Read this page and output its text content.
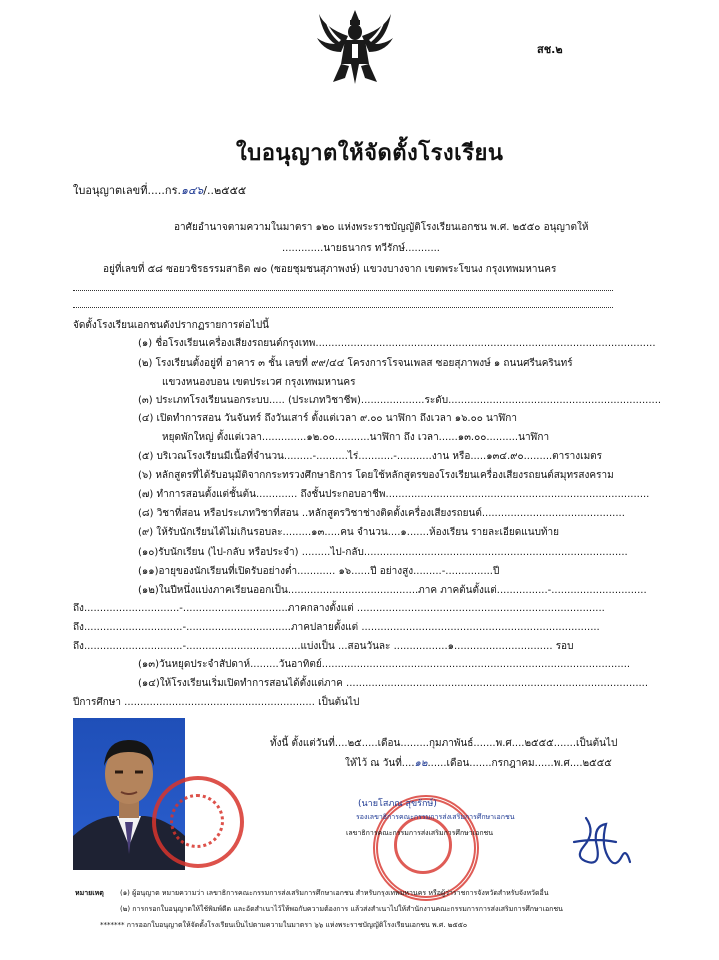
สช.๒
ใบอนุญาตให้จัดตั้งโรงเรียน
ใบอนุญาตเลขที่.....กร.๑๔๖/..๒๕๕๕
อาศัยอำนาจตามความในมาตรา ๑๒๐ แห่งพระราชบัญญัติโรงเรียนเอกชน พ.ศ. ๒๕๕๐ อนุญาตให้
.............นายธนากร ทวีรักษ์...........
อยู่ที่เลขที่ ๕๘ ซอยวชิรธรรมสาธิต ๗๐ (ซอยชุมชนสุภาพงษ์) แขวงบางจาก เขตพระโขนง กรุงเทพมหานคร
จัดตั้งโรงเรียนเอกชนดังปรากฏรายการต่อไปนี้
(๑) ชื่อโรงเรียนเครื่องเสียงรถยนต์กรุงเทพ...........................................................................................................
(๒) โรงเรียนตั้งอยู่ที่ อาคาร ๓ ชั้น เลขที่ ๙๙/๔๔ โครงการโรจนเพลส ซอยสุภาพงษ์ ๑ ถนนศรีนครินทร์
แขวงหนองบอน เขตประเวศ กรุงเทพมหานคร
(๓) ประเภทโรงเรียนนอกระบบ..... (ประเภทวิชาชีพ)....................ระดับ...................................................................
(๔) เปิดทำการสอน วันจันทร์ ถึงวันเสาร์ ตั้งแต่เวลา ๙.๐๐ นาฬิกา ถึงเวลา ๑๖.๐๐ นาฬิกา
หยุดพักใหญ่ ตั้งแต่เวลา..............๑๒.๐๐...........นาฬิกา ถึง เวลา......๑๓.๐๐..........นาฬิกา
(๕) บริเวณโรงเรียนมีเนื้อที่จำนวน.........-..........ไร่...........-...........งาน หรือ.....๑๓๔.๙๐.........ตารางเมตร
(๖) หลักสูตรที่ได้รับอนุมัติจากกระทรวงศึกษาธิการ โดยใช้หลักสูตรของโรงเรียนเครื่องเสียงรถยนต์สมุทรสงคราม
(๗) ทำการสอนตั้งแต่ชั้นต้น............. ถึงชั้นประกอบอาชีพ...................................................................................
(๘) วิชาที่สอน หรือประเภทวิชาที่สอน ..หลักสูตรวิชาช่างติดตั้งเครื่องเสียงรถยนต์.............................................
(๙) ให้รับนักเรียนได้ไม่เกินรอบละ.........๑๓.....คน จำนวน....๑.......ห้องเรียน รายละเอียดแนบท้าย
(๑๐)รับนักเรียน (ไป-กลับ หรือประจำ) .........ไป-กลับ...................................................................................
(๑๑)อายุของนักเรียนที่เปิดรับอย่างต่ำ............ ๑๖......ปี อย่างสูง.........-...............ปี
(๑๒)ในปีหนึ่งแบ่งภาคเรียนออกเป็น.........................................ภาค ภาคต้นตั้งแต่................-..............................
ถึง..............................-.................................ภาคกลางตั้งแต่ ..............................................................................
ถึง...............................-.................................ภาคปลายตั้งแต่ ...........................................................................
ถึง...............................-....................................แบ่งเป็น ...สอนวันละ .................๑............................... รอบ
(๑๓)วันหยุดประจำสัปดาห์.........วันอาทิตย์.................................................................................................
(๑๔)ให้โรงเรียนเริ่มเปิดทำการสอนได้ตั้งแต่ภาค ...............................................................................................
ปีการศึกษา ............................................................ เป็นต้นไป
ทั้งนี้ ตั้งแต่วันที่....๒๕.....เดือน.........กุมภาพันธ์.......พ.ศ....๒๕๕๕.......เป็นต้นไป
ให้ไว้ ณ วันที่....๑๒......เดือน.......กรกฎาคม......พ.ศ....๒๕๕๕
(นายโสภณ สุขรักษ์)
รองเลขาธิการคณะกรรมการส่งเสริมการศึกษาเอกชน
เลขาธิการคณะกรรมการส่งเสริมการศึกษาเอกชน
หมายเหตุ (๑) ผู้อนุญาต หมายความว่า เลขาธิการคณะกรรมการส่งเสริมการศึกษาเอกชน สำหรับกรุงเทพมหานคร หรือผู้ว่าราชการจังหวัดสำหรับจังหวัดอื่น
(๒) การกรอกใบอนุญาตให้ใช้พิมพ์ดีด และอัดสำเนาไว้ให้พอกับความต้องการ แล้วส่งสำเนาไปให้สำนักงานคณะกรรมการการส่งเสริมการศึกษาเอกชน
******* การออกใบอนุญาตให้จัดตั้งโรงเรียนเป็นไปตามความในมาตรา ๖๖ แห่งพระราชบัญญัติโรงเรียนเอกชน พ.ศ. ๒๕๕๐
